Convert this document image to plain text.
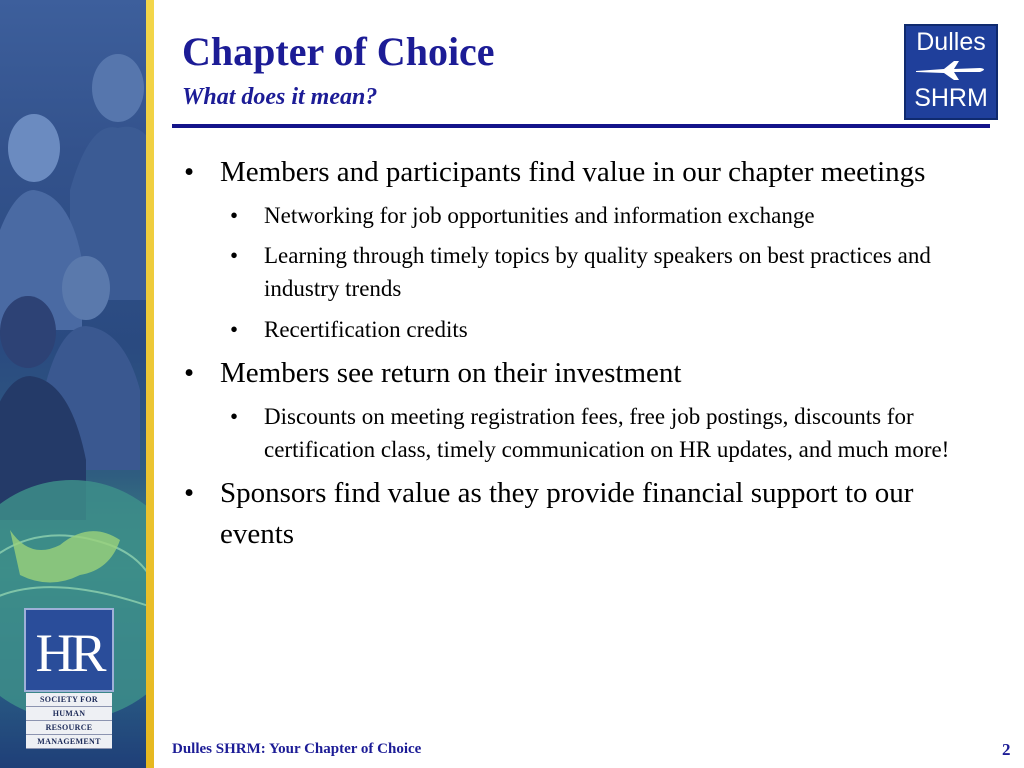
HR
SOCIETY FOR
HUMAN
RESOURCE
MANAGEMENT
Chapter of Choice
What does it mean?
Dulles
SHRM
• Members and participants find value in our chapter meetings
• Networking for job opportunities and information exchange
• Learning through timely topics by quality speakers on best practices and industry trends
• Recertification credits
• Members see return on their investment
• Discounts on meeting registration fees, free job postings, discounts for certification class, timely communication on HR updates, and much more!
• Sponsors find value as they provide financial support to our events
Dulles SHRM: Your Chapter of Choice	2
